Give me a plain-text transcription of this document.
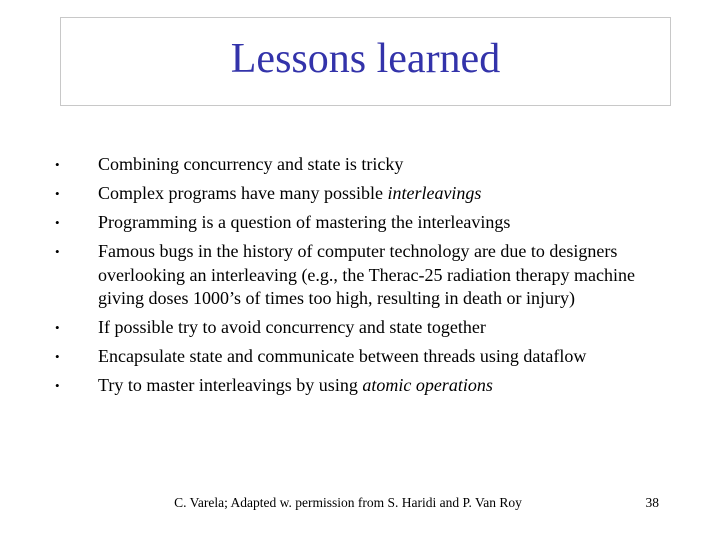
Lessons learned
•	Combining concurrency and state is tricky
•	Complex programs have many possible interleavings
•	Programming is a question of mastering the interleavings
•	Famous bugs in the history of computer technology are due to designers overlooking an interleaving (e.g., the Therac-25 radiation therapy machine giving doses 1000’s of times too high, resulting in death or injury)
•	If possible try to avoid concurrency and state together
•	Encapsulate state and communicate between threads using dataflow
•	Try to master interleavings by using atomic operations
C. Varela; Adapted w. permission from S. Haridi and P. Van Roy	38
